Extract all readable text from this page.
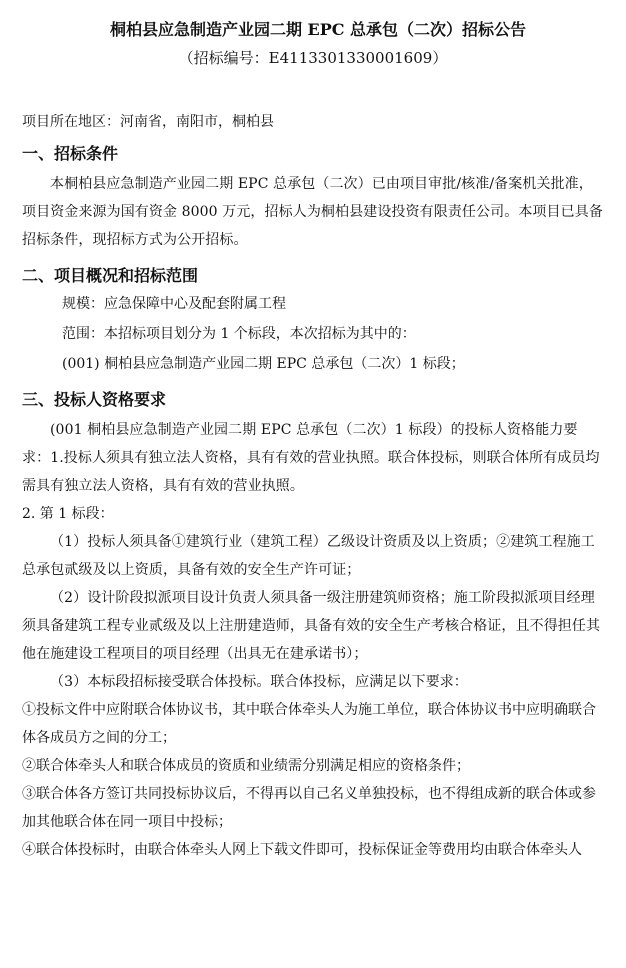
桐柏县应急制造产业园二期 EPC 总承包（二次）招标公告
（招标编号：E4113301330001609）
项目所在地区：河南省，南阳市，桐柏县
一、招标条件
本桐柏县应急制造产业园二期 EPC 总承包（二次）已由项目审批/核准/备案机关批准，项目资金来源为国有资金 8000 万元，招标人为桐柏县建设投资有限责任公司。本项目已具备招标条件，现招标方式为公开招标。
二、项目概况和招标范围
规模：应急保障中心及配套附属工程
范围：本招标项目划分为 1 个标段，本次招标为其中的：
(001) 桐柏县应急制造产业园二期 EPC 总承包（二次）1 标段；
三、投标人资格要求
(001 桐柏县应急制造产业园二期 EPC 总承包（二次）1 标段）的投标人资格能力要求：1.投标人须具有独立法人资格，具有有效的营业执照。联合体投标，则联合体所有成员均需具有独立法人资格，具有有效的营业执照。
2. 第 1 标段：
（1）投标人须具备①建筑行业（建筑工程）乙级设计资质及以上资质；②建筑工程施工总承包贰级及以上资质，具备有效的安全生产许可证；
（2）设计阶段拟派项目设计负责人须具备一级注册建筑师资格；施工阶段拟派项目经理须具备建筑工程专业贰级及以上注册建造师，具备有效的安全生产考核合格证，且不得担任其他在施建设工程项目的项目经理（出具无在建承诺书）；
（3）本标段招标接受联合体投标。联合体投标，应满足以下要求：
①投标文件中应附联合体协议书，其中联合体牵头人为施工单位，联合体协议书中应明确联合体各成员方之间的分工；
②联合体牵头人和联合体成员的资质和业绩需分别满足相应的资格条件；
③联合体各方签订共同投标协议后，不得再以自己名义单独投标，也不得组成新的联合体或参加其他联合体在同一项目中投标；
④联合体投标时，由联合体牵头人网上下载文件即可，投标保证金等费用均由联合体牵头人
